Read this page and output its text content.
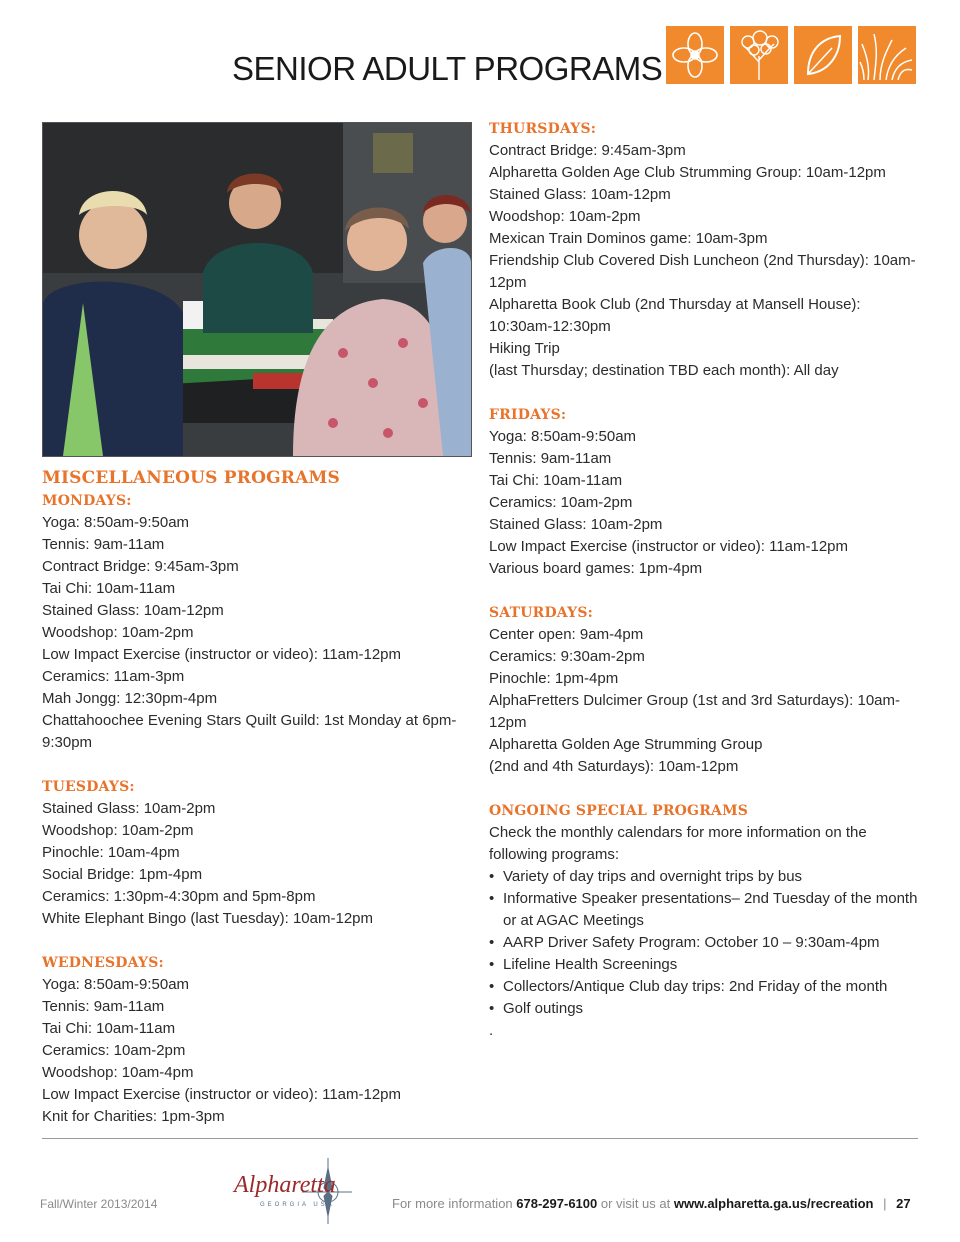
SENIOR ADULT PROGRAMS
MISCELLANEOUS PROGRAMS
MONDAYS:
Yoga: 8:50am-9:50am
Tennis: 9am-11am
Contract Bridge: 9:45am-3pm
Tai Chi: 10am-11am
Stained Glass: 10am-12pm
Woodshop: 10am-2pm
Low Impact Exercise (instructor or video): 11am-12pm
Ceramics: 11am-3pm
Mah Jongg: 12:30pm-4pm
Chattahoochee Evening Stars Quilt Guild: 1st Monday at 6pm-9:30pm
TUESDAYS:
Stained Glass: 10am-2pm
Woodshop: 10am-2pm
Pinochle: 10am-4pm
Social Bridge: 1pm-4pm
Ceramics: 1:30pm-4:30pm and 5pm-8pm
White Elephant Bingo (last Tuesday): 10am-12pm
WEDNESDAYS:
Yoga: 8:50am-9:50am
Tennis: 9am-11am
Tai Chi: 10am-11am
Ceramics: 10am-2pm
Woodshop: 10am-4pm
Low Impact Exercise (instructor or video): 11am-12pm
Knit for Charities: 1pm-3pm
THURSDAYS:
Contract Bridge: 9:45am-3pm
Alpharetta Golden Age Club Strumming Group: 10am-12pm
Stained Glass: 10am-12pm
Woodshop: 10am-2pm
Mexican Train Dominos game: 10am-3pm
Friendship Club Covered Dish Luncheon (2nd Thursday): 10am-12pm
Alpharetta Book Club (2nd Thursday at Mansell House): 10:30am-12:30pm
Hiking Trip
(last Thursday; destination TBD each month): All day
FRIDAYS:
Yoga: 8:50am-9:50am
Tennis: 9am-11am
Tai Chi: 10am-11am
Ceramics: 10am-2pm
Stained Glass: 10am-2pm
Low Impact Exercise (instructor or video): 11am-12pm
Various board games: 1pm-4pm
SATURDAYS:
Center open: 9am-4pm
Ceramics: 9:30am-2pm
Pinochle: 1pm-4pm
AlphaFretters Dulcimer Group (1st and 3rd Saturdays): 10am-12pm
Alpharetta Golden Age Strumming Group
(2nd and 4th Saturdays): 10am-12pm
ONGOING SPECIAL PROGRAMS
Check the monthly calendars for more information on the following programs:
• Variety of day trips and overnight trips by bus
• Informative Speaker presentations– 2nd Tuesday of the month or at AGAC Meetings
• AARP Driver Safety Program: October 10 – 9:30am-4pm
• Lifeline Health Screenings
• Collectors/Antique Club day trips: 2nd Friday of the month
• Golf outings
.
Fall/Winter 2013/2014
Alpharetta
GEORGIA USA	For more information 678-297-6100 or visit us at www.alpharetta.ga.us/recreation | 27
